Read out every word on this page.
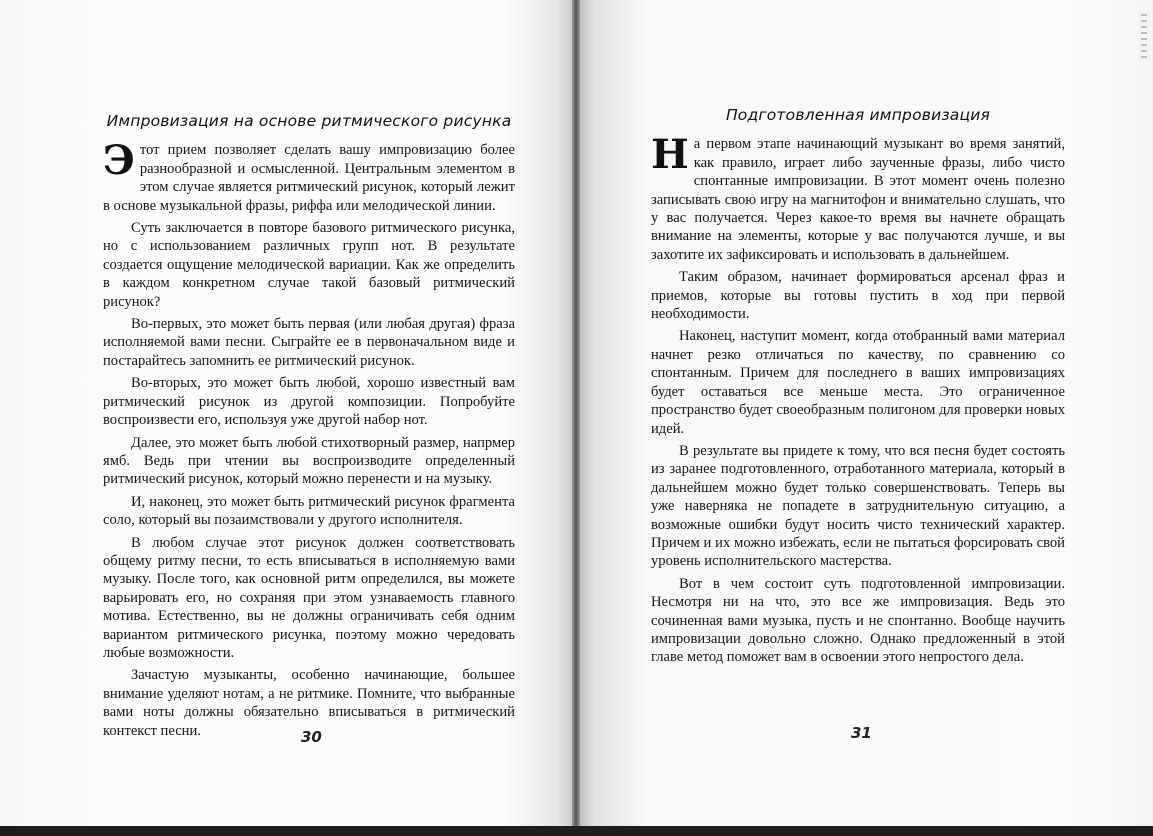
Импровизация на основе ритмического рисунка

Этот прием позволяет сделать вашу импровизацию более разнообразной и осмысленной. Центральным элементом в этом случае является ритмический рисунок, который лежит в основе музыкальной фразы, риффа или мелодической линии.

Суть заключается в повторе базового ритмического рисунка, но с использованием различных групп нот. В результате создается ощущение мелодической вариации. Как же определить в каждом конкретном случае такой базовый ритмический рисунок?

Во-первых, это может быть первая (или любая другая) фраза исполняемой вами песни. Сыграйте ее в первоначальном виде и постарайтесь запомнить ее ритмический рисунок.

Во-вторых, это может быть любой, хорошо известный вам ритмический рисунок из другой композиции. Попробуйте воспроизвести его, используя уже другой набор нот.

Далее, это может быть любой стихотворный размер, напрмер ямб. Ведь при чтении вы воспроизводите определенный ритмический рисунок, который можно перенести и на музыку.

И, наконец, это может быть ритмический рисунок фрагмента соло, который вы позаимствовали у другого исполнителя.

В любом случае этот рисунок должен соответствовать общему ритму песни, то есть вписываться в исполняемую вами музыку. После того, как основной ритм определился, вы можете варьировать его, но сохраняя при этом узнаваемость главного мотива. Естественно, вы не должны ограничивать себя одним вариантом ритмического рисунка, поэтому можно чередовать любые возможности.

Зачастую музыканты, особенно начинающие, большее внимание уделяют нотам, а не ритмике. Помните, что выбранные вами ноты должны обязательно вписываться в ритмический контекст песни.	30
Подготовленная импровизация

На первом этапе начинающий музыкант во время занятий, как правило, играет либо заученные фразы, либо чисто спонтанные импровизации. В этот момент очень полезно записывать свою игру на магнитофон и внимательно слушать, что у вас получается. Через какое-то время вы начнете обращать внимание на элементы, которые у вас получаются лучше, и вы захотите их зафиксировать и использовать в дальнейшем.

Таким образом, начинает формироваться арсенал фраз и приемов, которые вы готовы пустить в ход при первой необходимости.

Наконец, наступит момент, когда отобранный вами материал начнет резко отличаться по качеству, по сравнению со спонтанным. Причем для последнего в ваших импровизациях будет оставаться все меньше места. Это ограниченное пространство будет своеобразным полигоном для проверки новых идей.

В результате вы придете к тому, что вся песня будет состоять из заранее подготовленного, отработанного материала, который в дальнейшем можно будет только совершенствовать. Теперь вы уже наверняка не попадете в затруднительную ситуацию, а возможные ошибки будут носить чисто технический характер. Причем и их можно избежать, если не пытаться форсировать свой уровень исполнительского мастерства.

Вот в чем состоит суть подготовленной импровизации. Несмотря ни на что, это все же импровизация. Ведь это сочиненная вами музыка, пусть и не спонтанно. Вообще научить импровизации довольно сложно. Однако предложенный в этой главе метод поможет вам в освоении этого непростого дела.

31
